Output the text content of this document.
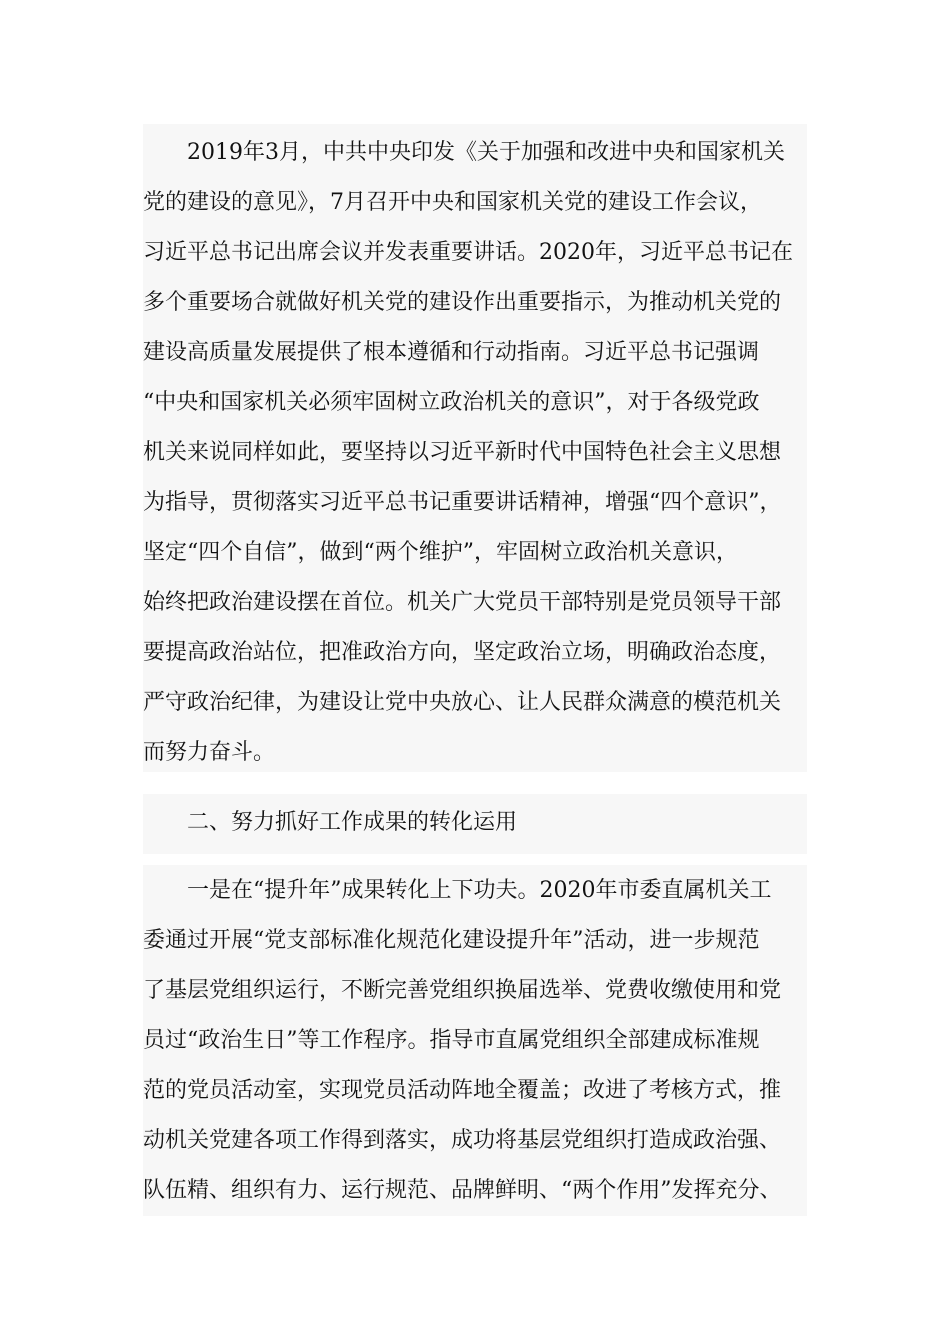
2019年3月，中共中央印发《关于加强和改进中央和国家机关
党的建设的意见》，7月召开中央和国家机关党的建设工作会议，
习近平总书记出席会议并发表重要讲话。2020年，习近平总书记在
多个重要场合就做好机关党的建设作出重要指示，为推动机关党的
建设高质量发展提供了根本遵循和行动指南。习近平总书记强调
“中央和国家机关必须牢固树立政治机关的意识”，对于各级党政
机关来说同样如此，要坚持以习近平新时代中国特色社会主义思想
为指导，贯彻落实习近平总书记重要讲话精神，增强“四个意识”，
坚定“四个自信”，做到“两个维护”，牢固树立政治机关意识，
始终把政治建设摆在首位。机关广大党员干部特别是党员领导干部
要提高政治站位，把准政治方向，坚定政治立场，明确政治态度，
严守政治纪律，为建设让党中央放心、让人民群众满意的模范机关
而努力奋斗。
二、努力抓好工作成果的转化运用
一是在“提升年”成果转化上下功夫。2020年市委直属机关工
委通过开展“党支部标准化规范化建设提升年”活动，进一步规范
了基层党组织运行，不断完善党组织换届选举、党费收缴使用和党
员过“政治生日”等工作程序。指导市直属党组织全部建成标准规
范的党员活动室，实现党员活动阵地全覆盖；改进了考核方式，推
动机关党建各项工作得到落实，成功将基层党组织打造成政治强、
队伍精、组织有力、运行规范、品牌鲜明、“两个作用”发挥充分、
